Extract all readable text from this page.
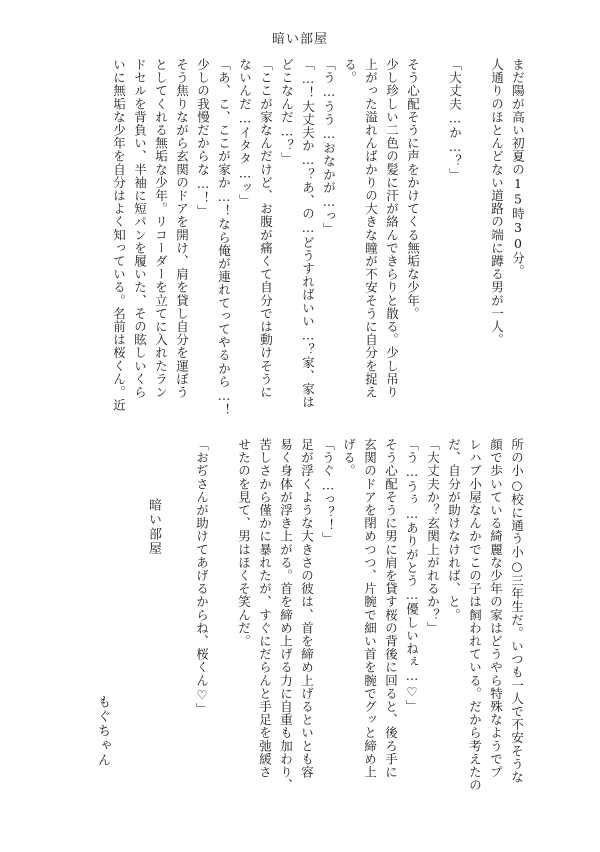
暗い部屋
まだ陽が高い初夏の15時30分。
人通りのほとんどない道路の端に蹲る男が一人。
「大丈夫…か…？」
そう心配そうに声をかけてくる無垢な少年。
少し珍しい二色の髪に汗が絡んできらりと散る。少し吊り
上がった溢れんばかりの大きな瞳が不安そうに自分を捉え
る。
「う…うう…おなかが…っ」
「…！大丈夫か…？あ、の…どうすればいい…？家、家は
どこなんだ…？」
「ここが家なんだけど、お腹が痛くて自分では動けそうに
ないんだ…イタタ…ッ」
「あ、こ、ここが家か…！なら俺が連れてってやるから…！
少しの我慢だからな…！」
そう焦りながら玄関のドアを開け、肩を貸し自分を運ぼう
としてくれる無垢な少年。リコーダーを立てに入れたラン
ドセルを背負い、半袖に短パンを履いた、その眩しいくら
いに無垢な少年を自分はよく知っている。名前は桜くん。近
所の小○校に通う小○三年生だ。いつも一人で不安そうな
顔で歩いている綺麗な少年の家はどうやら特殊なようでプ
レハブ小屋なんかでこの子は飼われている。だから考えたの
だ、自分が助けなければ、と。
「大丈夫か？玄関上がれるか？」
「う…うぅ…ありがとう…優しいねぇ…♡」
そう心配そうに男に肩を貸す桜の背後に回ると、後ろ手に
玄関のドアを閉めつつ、片腕で細い首を腕でグッと締め上
げる。
「うぐ…っ？！」
足が浮くような大きさの彼は、首を締め上げるといとも容
易く身体が浮き上がる。首を締め上げる力に自重も加わり、
苦しさから僅かに暴れたが、すぐにだらんと手足を弛緩さ
せたのを見て、男はほくそ笑んだ。
「おぢさんが助けてあげるからね、桜くん♡」
暗い部屋
もぐちゃん
